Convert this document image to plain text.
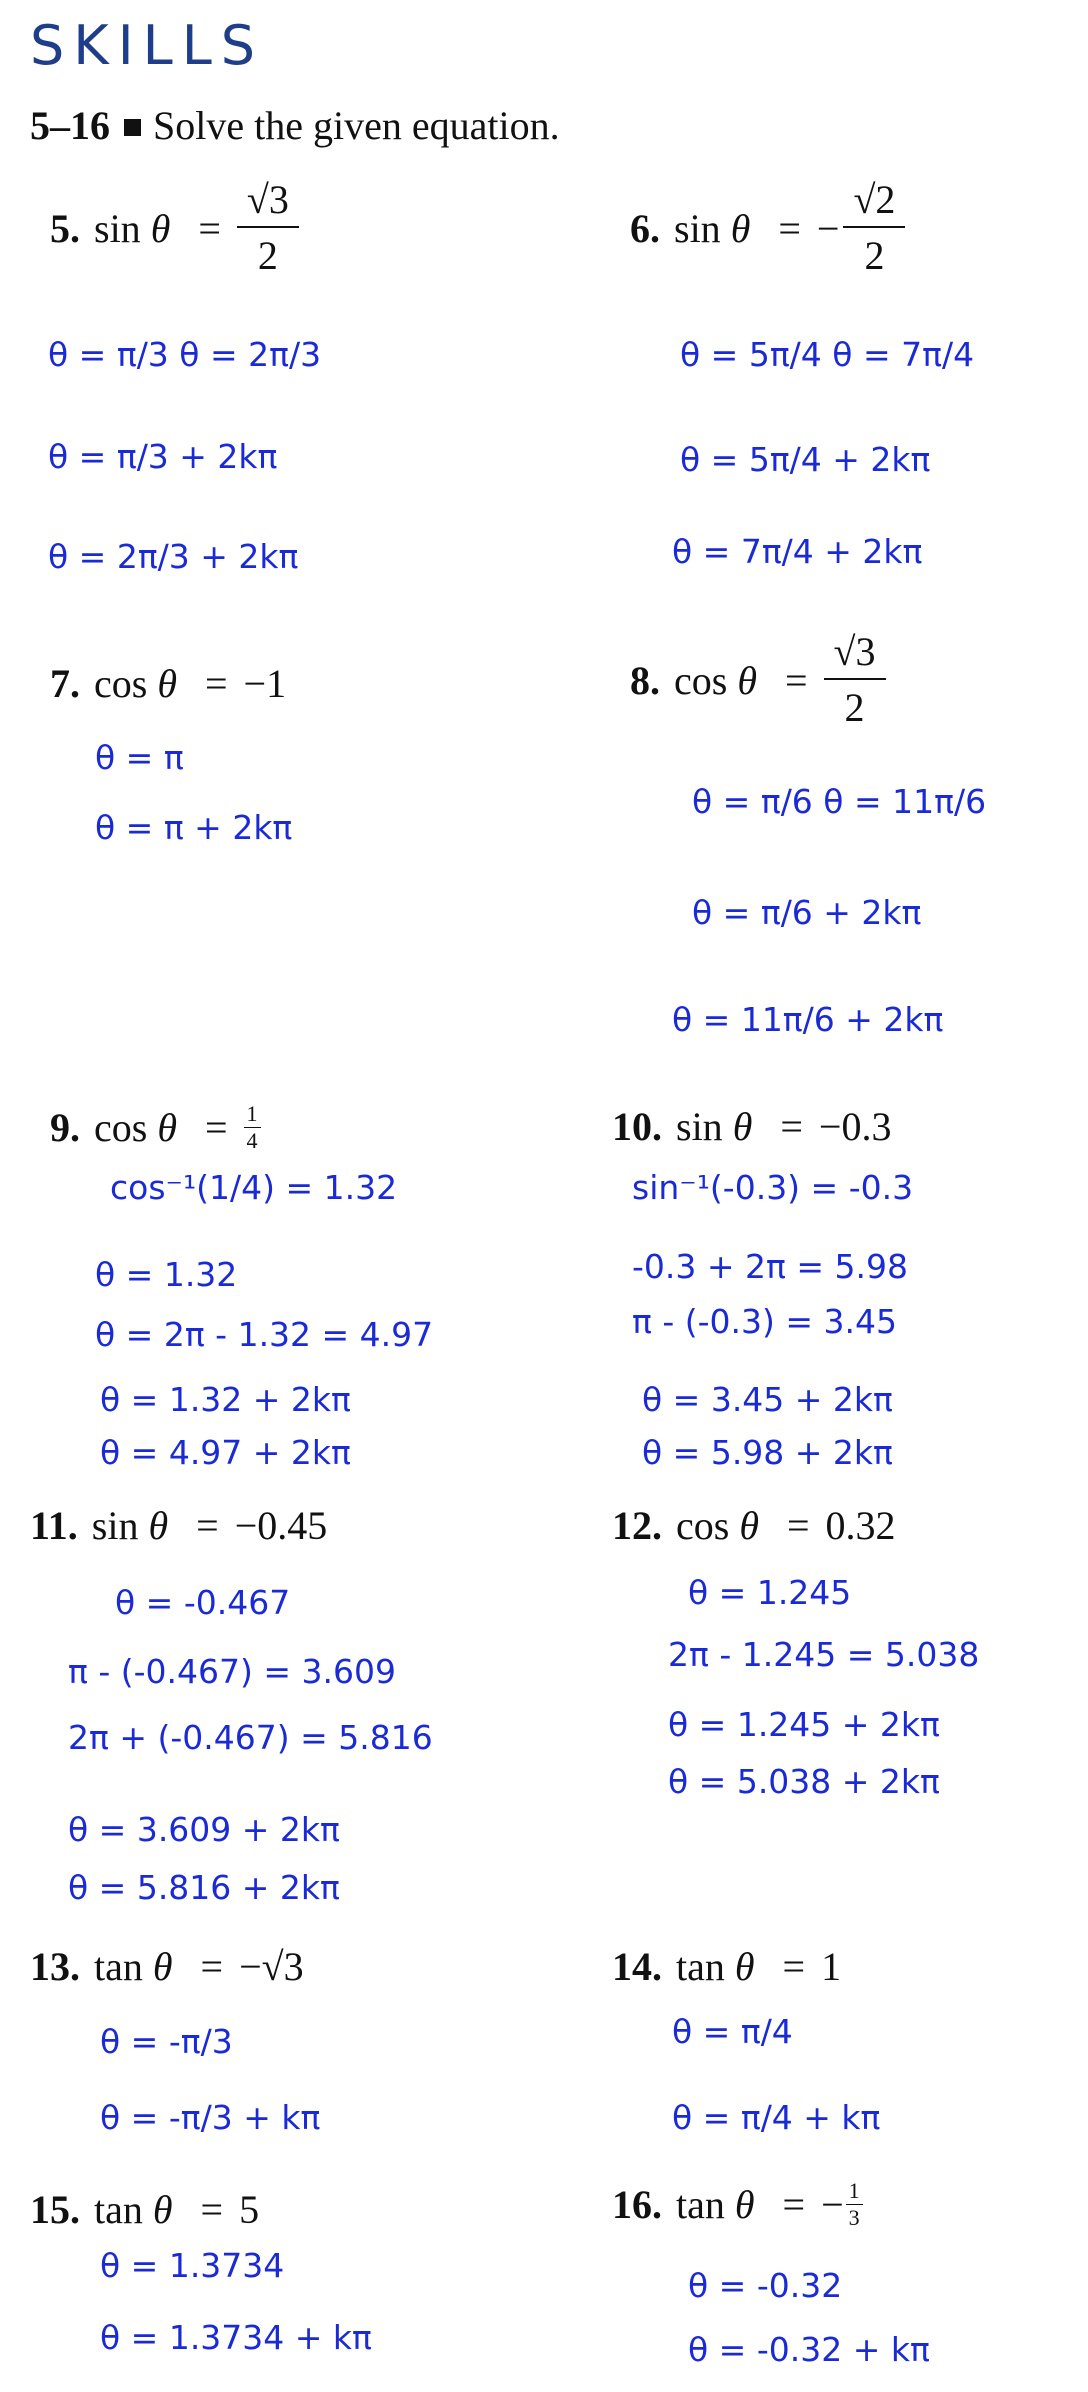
SKILLS
5–16 Solve the given equation.
5. $\sin \theta = \frac{√3}{2}$	6. sin θ = − $\frac{√2}{2}$
θ = π/3 θ = 2π/3
θ = π/3 + 2kπ
θ = 2π/3 + 2kπ
θ = 5π/4 θ = 7π/4
θ = 5π/4 + 2kπ
θ = 7π/4 + 2kπ
7. cos θ = −1	8. $\cos \theta = \frac{√3}{2}$
θ = π
θ = π + 2kπ
θ = π/6 θ = 11π/6
θ = π/6 + 2kπ
θ = 11π/6 + 2kπ
9. $\cos \theta = \frac{1}{4}$	10. sin θ = −0.3
cos⁻¹(1/4) = 1.32
θ = 1.32
θ = 2π - 1.32 = 4.97
θ = 1.32 + 2kπ
θ = 4.97 + 2kπ
sin⁻¹(-0.3) = -0.3
-0.3 + 2π = 5.98
π - (-0.3) = 3.45
θ = 3.45 + 2kπ
θ = 5.98 + 2kπ
11. sin θ = −0.45	12. cos θ = 0.32
θ = -0.467
π - (-0.467) = 3.609
2π + (-0.467) = 5.816
θ = 3.609 + 2kπ
θ = 5.816 + 2kπ
θ = 1.245
2π - 1.245 = 5.038
θ = 1.245 + 2kπ
θ = 5.038 + 2kπ
13. tan θ = −√3	14. tan θ = 1
θ = -π/3
θ = -π/3 + kπ
θ = π/4
θ = π/4 + kπ
15. tan θ = 5	16. tan θ = − $\frac{1}{3}$
θ = 1.3734
θ = 1.3734 + kπ
θ = -0.32
θ = -0.32 + kπ
